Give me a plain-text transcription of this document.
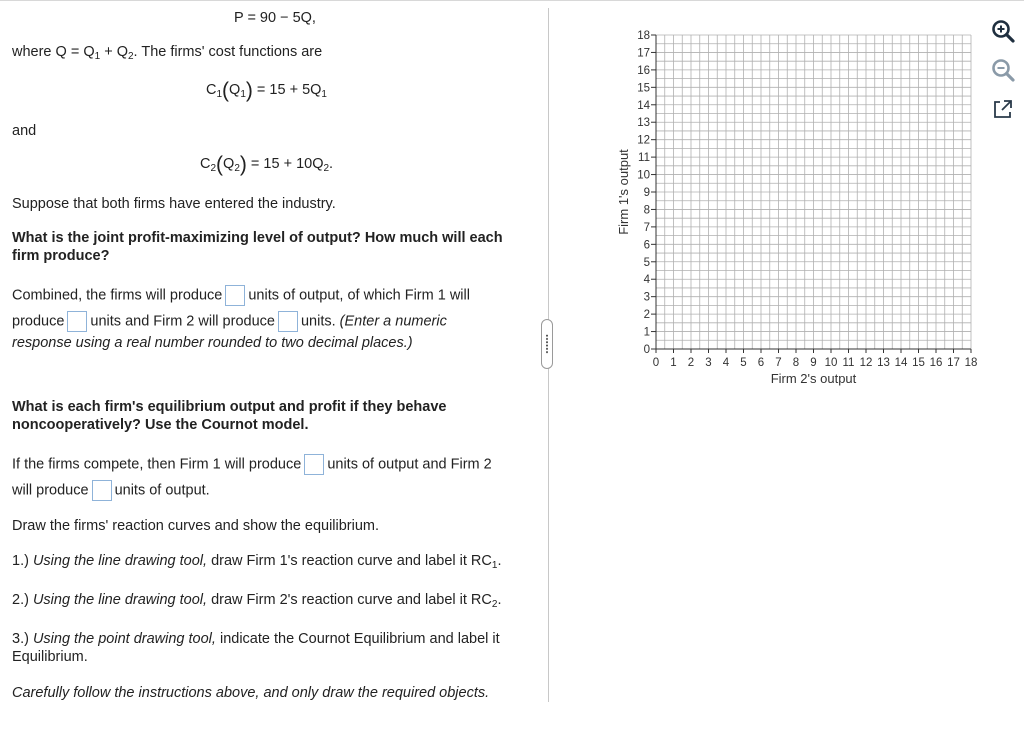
P = 90 − 5Q,
where $Q = Q_1 + Q_2$. The firms' cost functions are
$C_1(Q_1) = 15 + 5Q_1$
and
$C_2(Q_2) = 15 + 10Q_2$.
Suppose that both firms have entered the industry.
What is the joint profit-maximizing level of output? How much will each
firm produce?
Combined, the firms will produce units of output, of which Firm 1 will
produce units and Firm 2 will produce units. (Enter a numeric
response using a real number rounded to two decimal places.)
What is each firm's equilibrium output and profit if they behave
noncooperatively? Use the Cournot model.
If the firms compete, then Firm 1 will produce units of output and Firm 2
will produce units of output.
Draw the firms' reaction curves and show the equilibrium.
1.) Using the line drawing tool, draw Firm 1's reaction curve and label it $RC_1$.
2.) Using the line drawing tool, draw Firm 2's reaction curve and label it $RC_2$.
3.) Using the point drawing tool, indicate the Cournot Equilibrium and label it
Equilibrium.
Carefully follow the instructions above, and only draw the required objects.
0 1 2 3 4 5 6 7 8 9 10 11 12 13 14 15 16 17 18
0
1
2
3
4
5
6
7
8
9
10
11
12
13
14
15
16
17
18
Firm 2's output
Firm 1's output
